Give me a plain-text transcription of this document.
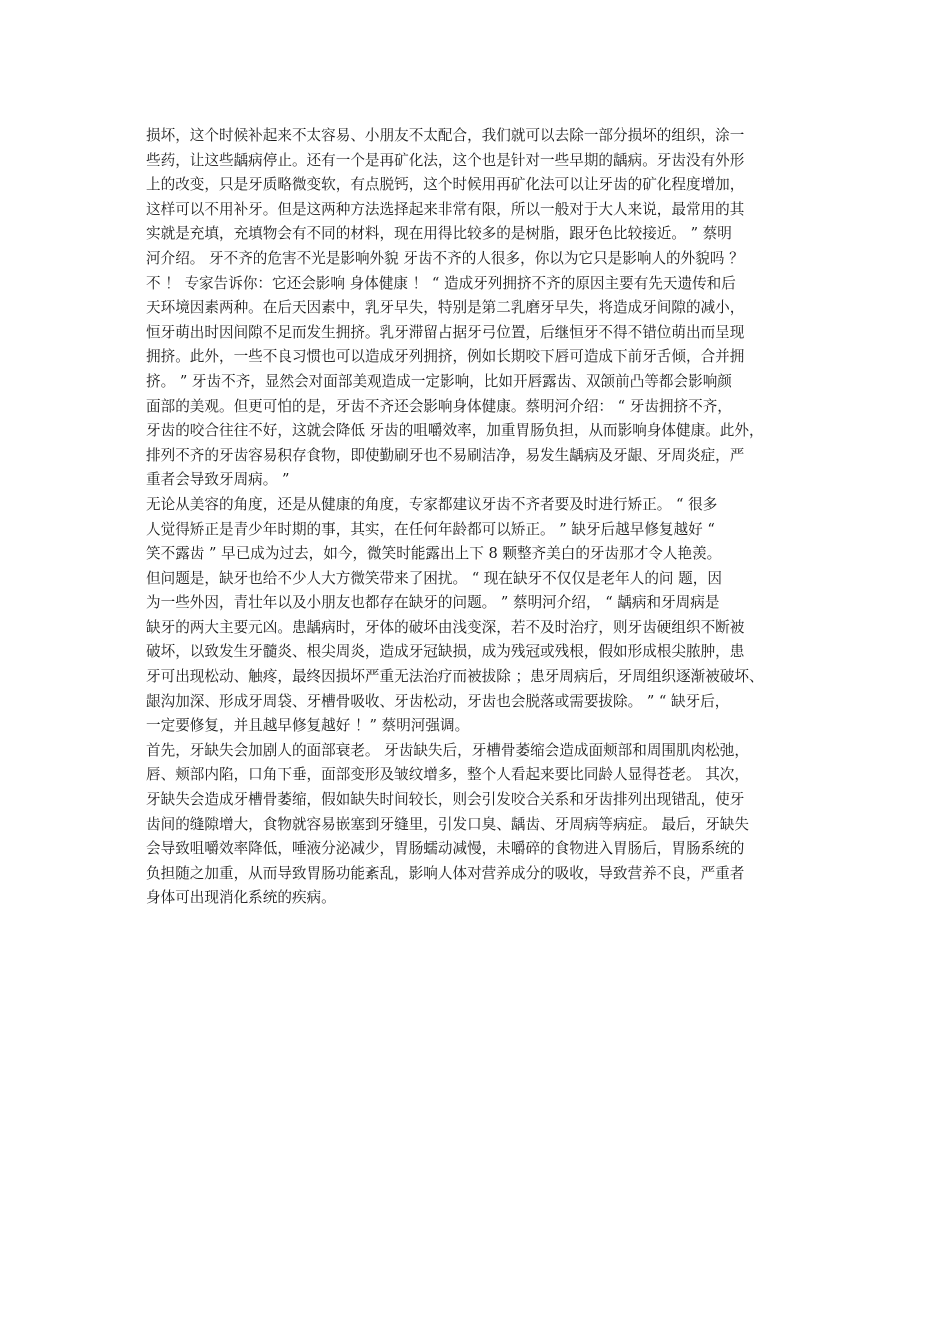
损坏，这个时候补起来不太容易、小朋友不太配合，我们就可以去除一部分损坏的组织，涂一
些药，让这些龋病停止。还有一个是再矿化法，这个也是针对一些早期的龋病。牙齿没有外形
上的改变，只是牙质略微变软，有点脱钙，这个时候用再矿化法可以让牙齿的矿化程度增加，
这样可以不用补牙。但是这两种方法选择起来非常有限，所以一般对于大人来说，最常用的其
实就是充填，充填物会有不同的材料，现在用得比较多的是树脂，跟牙色比较接近。 ” 蔡明
河介绍。 牙不齐的危害不光是影响外貌 牙齿不齐的人很多，你以为它只是影响人的外貌吗 ？
不 ！ 专家告诉你：它还会影响 身体健康 ！ “ 造成牙列拥挤不齐的原因主要有先天遗传和后
天环境因素两种。在后天因素中，乳牙早失，特别是第二乳磨牙早失，将造成牙间隙的减小，
恒牙萌出时因间隙不足而发生拥挤。乳牙滞留占据牙弓位置，后继恒牙不得不错位萌出而呈现
拥挤。此外，一些不良习惯也可以造成牙列拥挤，例如长期咬下唇可造成下前牙舌倾，合并拥
挤。 ” 牙齿不齐，显然会对面部美观造成一定影响，比如开唇露齿、双颌前凸等都会影响颜
面部的美观。但更可怕的是，牙齿不齐还会影响身体健康。蔡明河介绍： “ 牙齿拥挤不齐，
牙齿的咬合往往不好，这就会降低 牙齿的咀嚼效率，加重胃肠负担，从而影响身体健康。此外，
排列不齐的牙齿容易积存食物，即使勤刷牙也不易刷洁净，易发生龋病及牙龈、牙周炎症，严
重者会导致牙周病。 ”
无论从美容的角度，还是从健康的角度，专家都建议牙齿不齐者要及时进行矫正。 “ 很多
人觉得矫正是青少年时期的事，其实，在任何年龄都可以矫正。 ” 缺牙后越早修复越好 “
笑不露齿 ” 早已成为过去，如今，微笑时能露出上下 8 颗整齐美白的牙齿那才令人艳羡。
但问题是，缺牙也给不少人大方微笑带来了困扰。 “ 现在缺牙不仅仅是老年人的问 题，因
为一些外因，青壮年以及小朋友也都存在缺牙的问题。 ” 蔡明河介绍， “ 龋病和牙周病是
缺牙的两大主要元凶。患龋病时，牙体的破坏由浅变深，若不及时治疗，则牙齿硬组织不断被
破坏，以致发生牙髓炎、根尖周炎，造成牙冠缺损，成为残冠或残根，假如形成根尖脓肿，患
牙可出现松动、触疼，最终因损坏严重无法治疗而被拔除 ；患牙周病后，牙周组织逐渐被破坏、
龈沟加深、形成牙周袋、牙槽骨吸收、牙齿松动，牙齿也会脱落或需要拔除。 ” “ 缺牙后，
一定要修复，并且越早修复越好 ！” 蔡明河强调。
首先，牙缺失会加剧人的面部衰老。 牙齿缺失后，牙槽骨萎缩会造成面颊部和周围肌肉松弛，
唇、颊部内陷，口角下垂，面部变形及皱纹增多，整个人看起来要比同龄人显得苍老。 其次，
牙缺失会造成牙槽骨萎缩，假如缺失时间较长，则会引发咬合关系和牙齿排列出现错乱，使牙
齿间的缝隙增大，食物就容易嵌塞到牙缝里，引发口臭、龋齿、牙周病等病症。 最后，牙缺失
会导致咀嚼效率降低，唾液分泌减少，胃肠蠕动减慢，未嚼碎的食物进入胃肠后，胃肠系统的
负担随之加重，从而导致胃肠功能紊乱，影响人体对营养成分的吸收，导致营养不良，严重者
身体可出现消化系统的疾病。
